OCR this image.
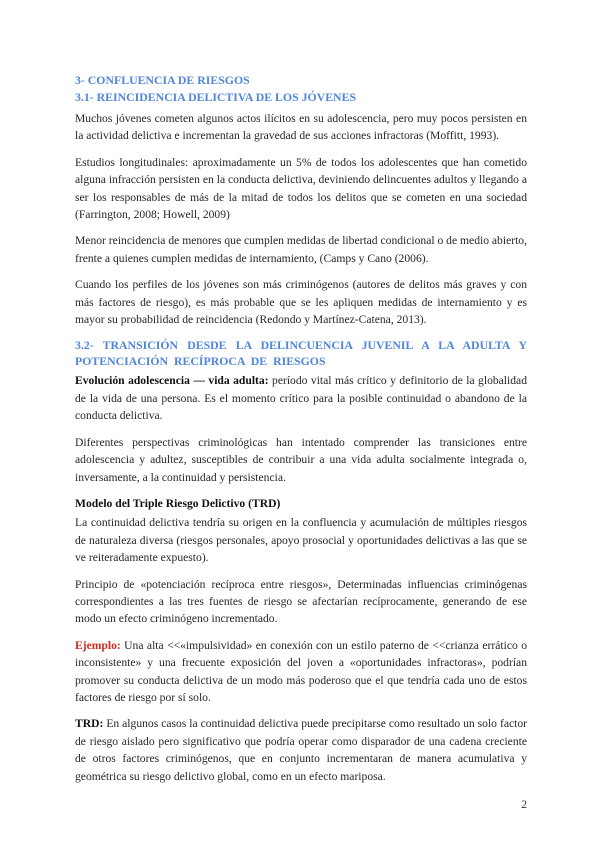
3- CONFLUENCIA DE RIESGOS
3.1- REINCIDENCIA DELICTIVA DE LOS JÓVENES

Muchos jóvenes cometen algunos actos ilícitos en su adolescencia, pero muy pocos persisten en la actividad delictiva e incrementan la gravedad de sus acciones infractoras (Moffitt, 1993).

Estudios longitudinales: aproximadamente un 5% de todos los adolescentes que han cometido alguna infracción persisten en la conducta delictiva, deviniendo delincuentes adultos y llegando a ser los responsables de más de la mitad de todos los delitos que se cometen en una sociedad (Farrington, 2008; Howell, 2009)

Menor reincidencia de menores que cumplen medidas de libertad condicional o de medio abierto, frente a quienes cumplen medidas de internamiento, (Camps y Cano (2006).

Cuando los perfiles de los jóvenes son más criminógenos (autores de delitos más graves y con más factores de riesgo), es más probable que se les apliquen medidas de internamiento y es mayor su probabilidad de reincidencia (Redondo y Martínez-Catena, 2013).

3.2- TRANSICIÓN DESDE LA DELINCUENCIA JUVENIL A LA ADULTA Y POTENCIACIÓN RECÍPROCA DE RIESGOS

Evolución adolescencia — vida adulta: período vital más crítico y definitorio de la globalidad de la vida de una persona. Es el momento crítico para la posible continuidad o abandono de la conducta delictiva.

Diferentes perspectivas criminológicas han intentado comprender las transiciones entre adolescencia y adultez, susceptibles de contribuir a una vida adulta socialmente integrada o, inversamente, a la continuidad y persistencia.

Modelo del Triple Riesgo Delictivo (TRD)

La continuidad delictiva tendría su origen en la confluencia y acumulación de múltiples riesgos de naturaleza diversa (riesgos personales, apoyo prosocial y oportunidades delictivas a las que se ve reiteradamente expuesto).

Principio de «potenciación recíproca entre riesgos», Determinadas influencias criminógenas correspondientes a las tres fuentes de riesgo se afectarían recíprocamente, generando de ese modo un efecto criminógeno incrementado.

Ejemplo: Una alta <<«impulsividad» en conexión con un estilo paterno de <<crianza errático o inconsistente» y una frecuente exposición del joven a «oportunidades infractoras», podrían promover su conducta delictiva de un modo más poderoso que el que tendría cada uno de estos factores de riesgo por sí solo.

TRD: En algunos casos la continuidad delictiva puede precipitarse como resultado un solo factor de riesgo aislado pero significativo que podría operar como disparador de una cadena creciente de otros factores criminógenos, que en conjunto incrementaran de manera acumulativa y geométrica su riesgo delictivo global, como en un efecto mariposa.

2
